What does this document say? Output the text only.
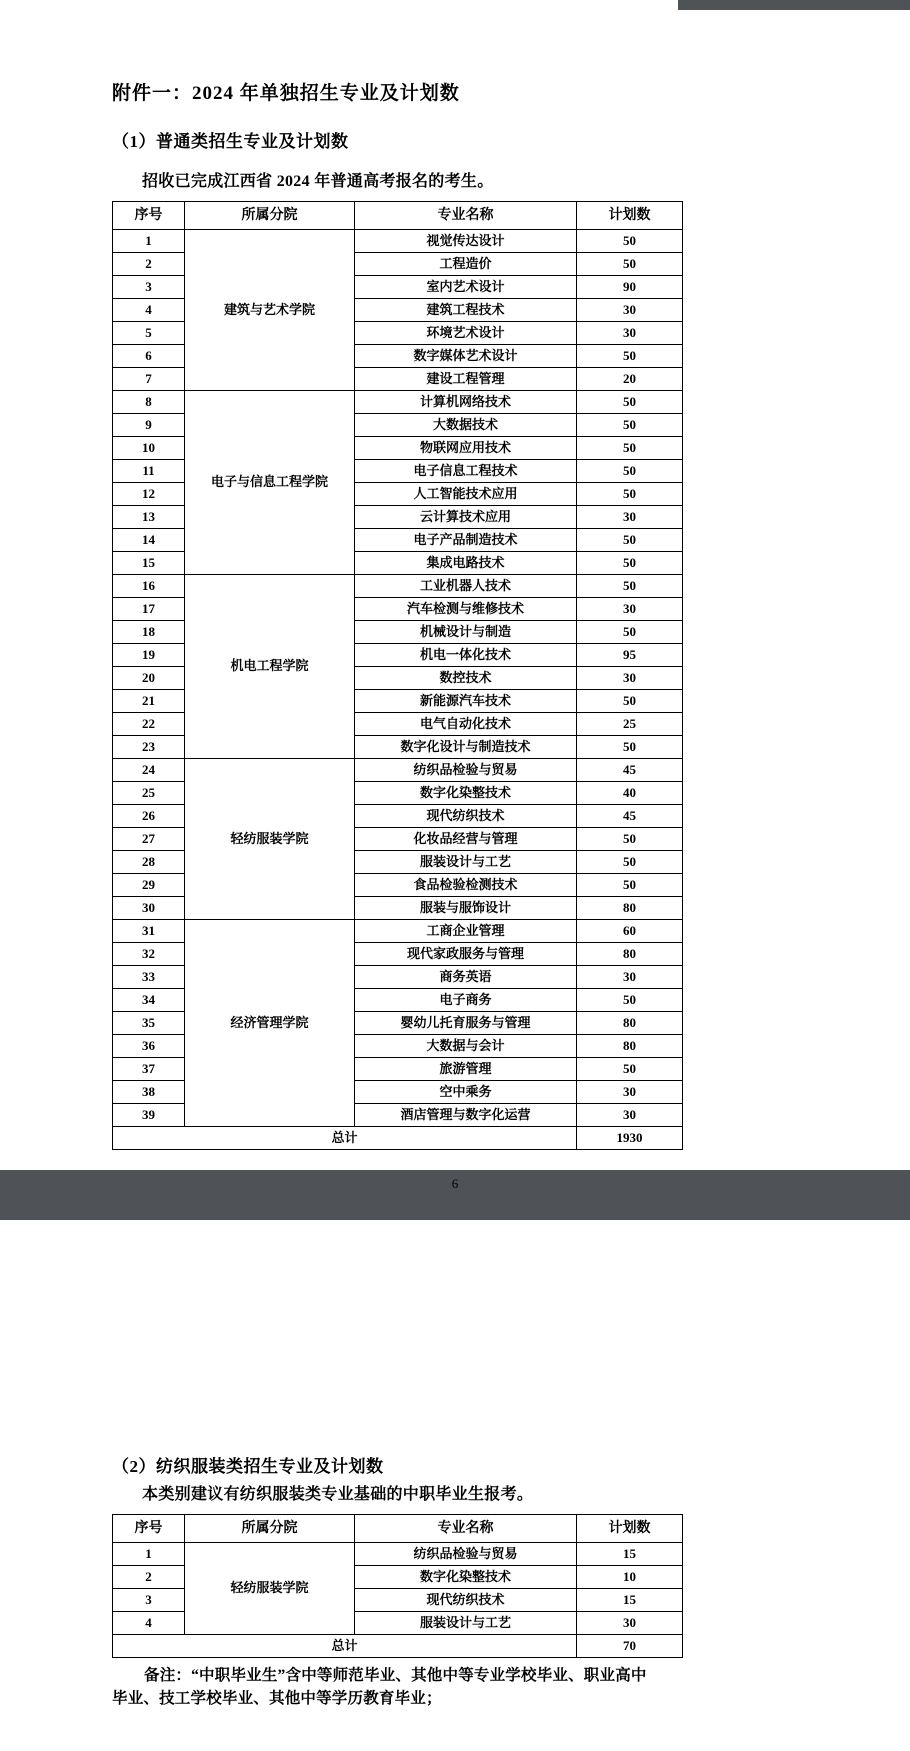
附件一：2024 年单独招生专业及计划数

（1）普通类招生专业及计划数

招收已完成江西省 2024 年普通高考报名的考生。

序号	所属分院	专业名称	计划数
1	建筑与艺术学院	视觉传达设计	50
2		工程造价	50
3		室内艺术设计	90
4		建筑工程技术	30
5		环境艺术设计	30
6		数字媒体艺术设计	50
7		建设工程管理	20
8	电子与信息工程学院	计算机网络技术	50
9		大数据技术	50
10		物联网应用技术	50
11		电子信息工程技术	50
12		人工智能技术应用	50
13		云计算技术应用	30
14		电子产品制造技术	50
15		集成电路技术	50
16	机电工程学院	工业机器人技术	50
17		汽车检测与维修技术	30
18		机械设计与制造	50
19		机电一体化技术	95
20		数控技术	30
21		新能源汽车技术	50
22		电气自动化技术	25
23		数字化设计与制造技术	50
24	轻纺服装学院	纺织品检验与贸易	45
25		数字化染整技术	40
26		现代纺织技术	45
27		化妆品经营与管理	50
28		服装设计与工艺	50
29		食品检验检测技术	50
30		服装与服饰设计	80
31	经济管理学院	工商企业管理	60
32		现代家政服务与管理	80
33		商务英语	30
34		电子商务	50
35		婴幼儿托育服务与管理	80
36		大数据与会计	80
37		旅游管理	50
38		空中乘务	30
39		酒店管理与数字化运营	30
总计			1930
6

（2）纺织服装类招生专业及计划数

本类别建议有纺织服装类专业基础的中职毕业生报考。

序号	所属分院	专业名称	计划数
1	轻纺服装学院	纺织品检验与贸易	15
2		数字化染整技术	10
3		现代纺织技术	15
4		服装设计与工艺	30
总计			70

备注：“中职毕业生”含中等师范毕业、其他中等专业学校毕业、职业高中
毕业、技工学校毕业、其他中等学历教育毕业；
